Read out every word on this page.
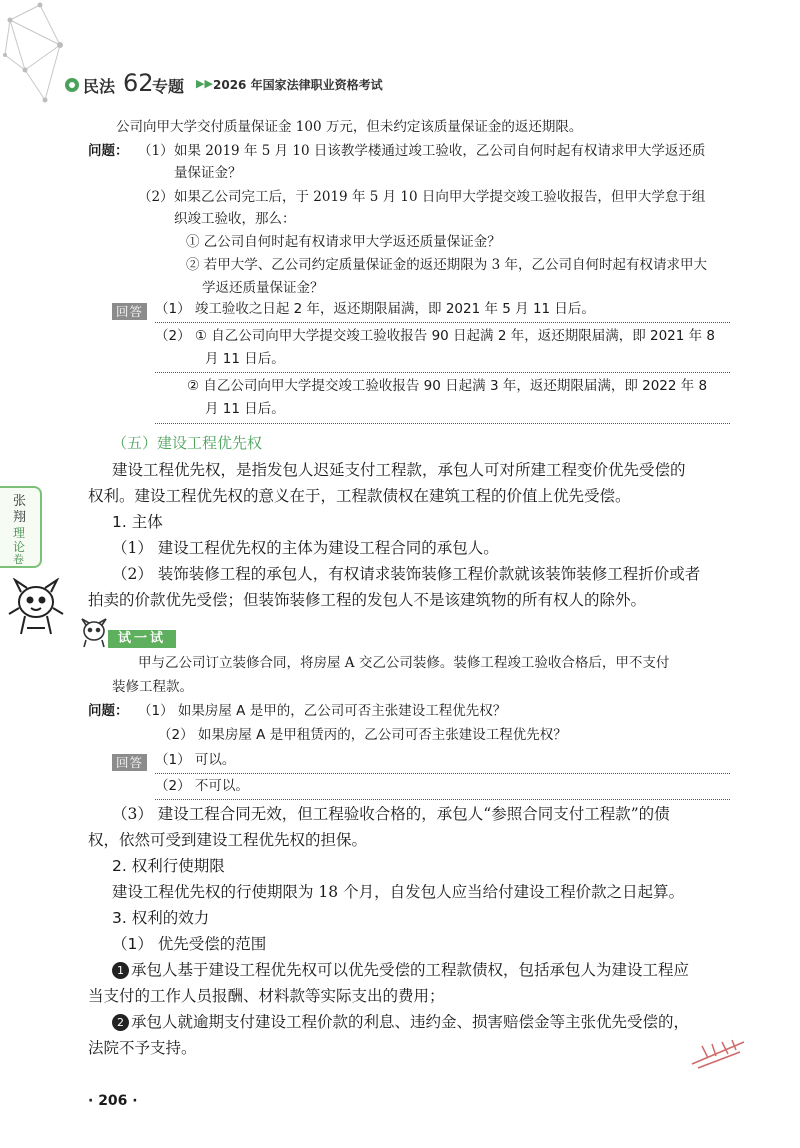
民法 62
专题 ▶▶ 2026 年国家法律职业资格考试
公司向甲大学交付质量保证金 100 万元，但未约定该质量保证金的返还期限。
问题： （1） 如果 2019 年 5 月 10 日该教学楼通过竣工验收，乙公司自何时起有权请求甲大学返还质
量保证金？
（2） 如果乙公司完工后，于 2019 年 5 月 10 日向甲大学提交竣工验收报告，但甲大学怠于组
织竣工验收，那么：
① 乙公司自何时起有权请求甲大学返还质量保证金？
② 若甲大学、乙公司约定质量保证金的返还期限为 3 年，乙公司自何时起有权请求甲大
学返还质量保证金？
回答 （1） 竣工验收之日起 2 年，返还期限届满，即 2021 年 5 月 11 日后。
（2） ① 自乙公司向甲大学提交竣工验收报告 90 日起满 2 年，返还期限届满，即 2021 年 8
月 11 日后。
② 自乙公司向甲大学提交竣工验收报告 90 日起满 3 年，返还期限届满，即 2022 年 8
月 11 日后。
（五）建设工程优先权
建设工程优先权，是指发包人迟延支付工程款，承包人可对所建工程变价优先受偿的
权利。建设工程优先权的意义在于，工程款债权在建筑工程的价值上优先受偿。
1. 主体
（1） 建设工程优先权的主体为建设工程合同的承包人。
（2） 装饰装修工程的承包人，有权请求装饰装修工程价款就该装饰装修工程折价或者
拍卖的价款优先受偿；但装饰装修工程的发包人不是该建筑物的所有权人的除外。
张
翔
理
论
卷
试一试
甲与乙公司订立装修合同，将房屋 A 交乙公司装修。装修工程竣工验收合格后，甲不支付
装修工程款。
问题： （1） 如果房屋 A 是甲的，乙公司可否主张建设工程优先权？
（2） 如果房屋 A 是甲租赁丙的，乙公司可否主张建设工程优先权？
回答 （1） 可以。
（2） 不可以。
（3） 建设工程合同无效，但工程验收合格的，承包人“参照合同支付工程款”的债
权，依然可受到建设工程优先权的担保。
2. 权利行使期限
建设工程优先权的行使期限为 18 个月，自发包人应当给付建设工程价款之日起算。
3. 权利的效力
（1） 优先受偿的范围
1 承包人基于建设工程优先权可以优先受偿的工程款债权，包括承包人为建设工程应
当支付的工作人员报酬、材料款等实际支出的费用；
2 承包人就逾期支付建设工程价款的利息、违约金、损害赔偿金等主张优先受偿的，
法院不予支持。
· 206 ·
